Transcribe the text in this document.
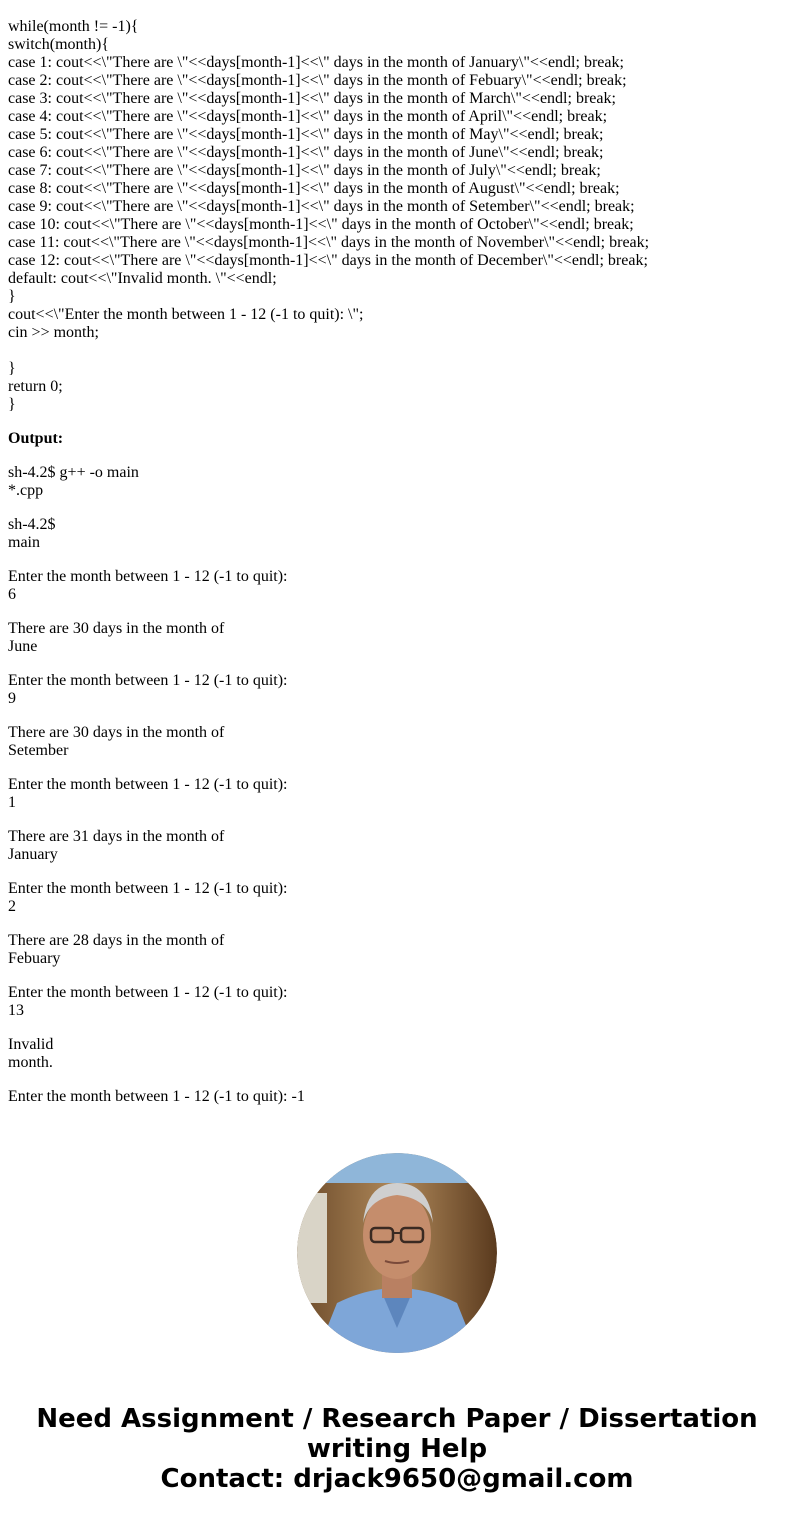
while(month != -1){
switch(month){
case 1: cout<<\"There are \"<<days[month-1]<<\" days in the month of January\"<<endl; break;
case 2: cout<<\"There are \"<<days[month-1]<<\" days in the month of Febuary\"<<endl; break;
case 3: cout<<\"There are \"<<days[month-1]<<\" days in the month of March\"<<endl; break;
case 4: cout<<\"There are \"<<days[month-1]<<\" days in the month of April\"<<endl; break;
case 5: cout<<\"There are \"<<days[month-1]<<\" days in the month of May\"<<endl; break;
case 6: cout<<\"There are \"<<days[month-1]<<\" days in the month of June\"<<endl; break;
case 7: cout<<\"There are \"<<days[month-1]<<\" days in the month of July\"<<endl; break;
case 8: cout<<\"There are \"<<days[month-1]<<\" days in the month of August\"<<endl; break;
case 9: cout<<\"There are \"<<days[month-1]<<\" days in the month of Setember\"<<endl; break;
case 10: cout<<\"There are \"<<days[month-1]<<\" days in the month of October\"<<endl; break;
case 11: cout<<\"There are \"<<days[month-1]<<\" days in the month of November\"<<endl; break;
case 12: cout<<\"There are \"<<days[month-1]<<\" days in the month of December\"<<endl; break;
default: cout<<\"Invalid month. \"<<endl;
}
cout<<\"Enter the month between 1 - 12 (-1 to quit): \";
cin >> month;
}
return 0;
}
Output:
sh-4.2$ g++ -o main
*.cpp
sh-4.2$
main
Enter the month between 1 - 12 (-1 to quit):
6
There are 30 days in the month of
June
Enter the month between 1 - 12 (-1 to quit):
9
There are 30 days in the month of
Setember
Enter the month between 1 - 12 (-1 to quit):
1
There are 31 days in the month of
January
Enter the month between 1 - 12 (-1 to quit):
2
There are 28 days in the month of
Febuary
Enter the month between 1 - 12 (-1 to quit):
13
Invalid
month.
Enter the month between 1 - 12 (-1 to quit): -1
Need Assignment / Research Paper / Dissertation
writing Help
Contact: drjack9650@gmail.com
